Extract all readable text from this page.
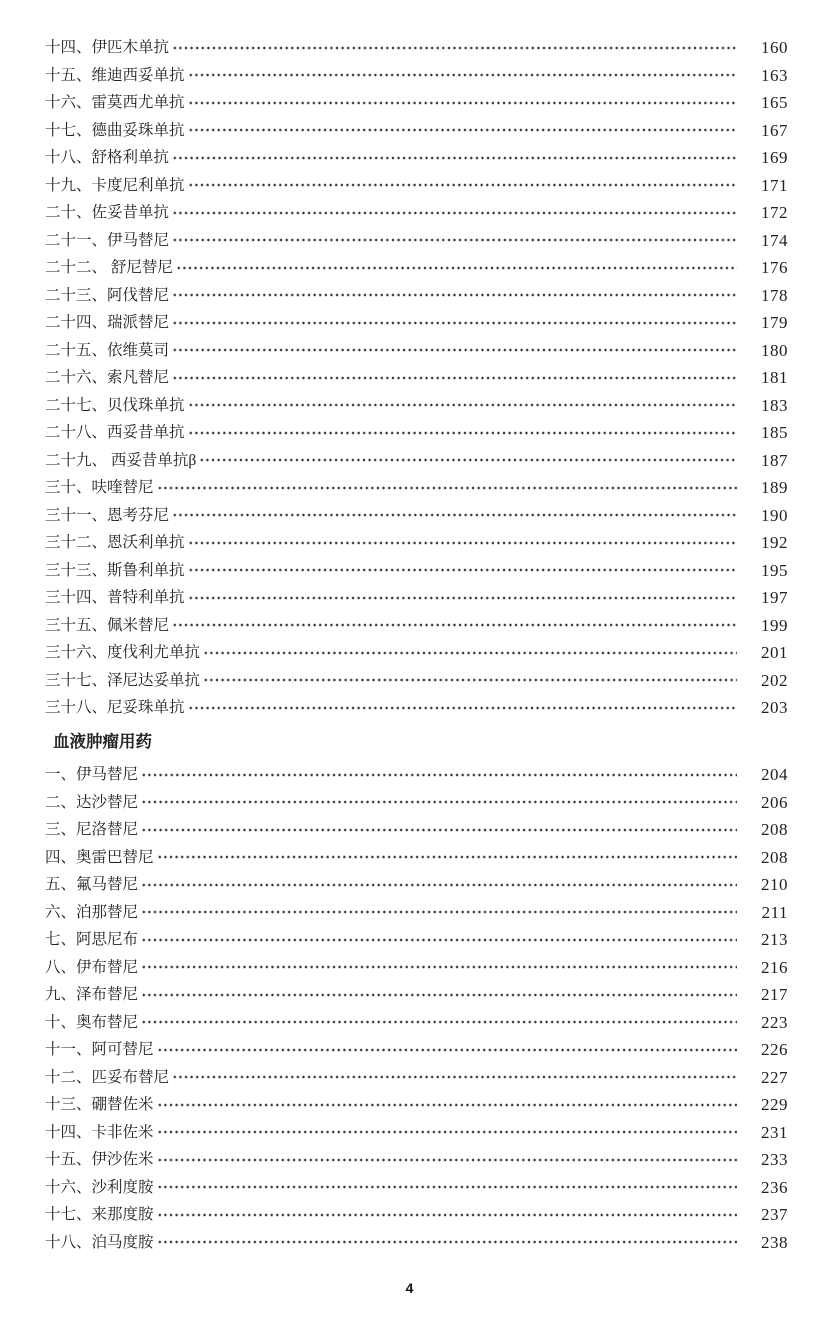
十四、伊匹木单抗	160
十五、维迪西妥单抗	163
十六、雷莫西尤单抗	165
十七、德曲妥珠单抗	167
十八、舒格利单抗	169
十九、卡度尼利单抗	171
二十、佐妥昔单抗	172
二十一、伊马替尼	174
二十二、 舒尼替尼	176
二十三、阿伐替尼	178
二十四、瑞派替尼	179
二十五、依维莫司	180
二十六、索凡替尼	181
二十七、贝伐珠单抗	183
二十八、西妥昔单抗	185
二十九、 西妥昔单抗β	187
三十、呋喹替尼	189
三十一、恩考芬尼	190
三十二、恩沃利单抗	192
三十三、斯鲁利单抗	195
三十四、普特利单抗	197
三十五、佩米替尼	199
三十六、度伐利尤单抗	201
三十七、泽尼达妥单抗	202
三十八、尼妥珠单抗	203
血液肿瘤用药
一、伊马替尼	204
二、达沙替尼	206
三、尼洛替尼	208
四、奥雷巴替尼	208
五、氟马替尼	210
六、泊那替尼	211
七、阿思尼布	213
八、伊布替尼	216
九、泽布替尼	217
十、奥布替尼	223
十一、阿可替尼	226
十二、匹妥布替尼	227
十三、硼替佐米	229
十四、卡非佐米	231
十五、伊沙佐米	233
十六、沙利度胺	236
十七、来那度胺	237
十八、泊马度胺	238
4
